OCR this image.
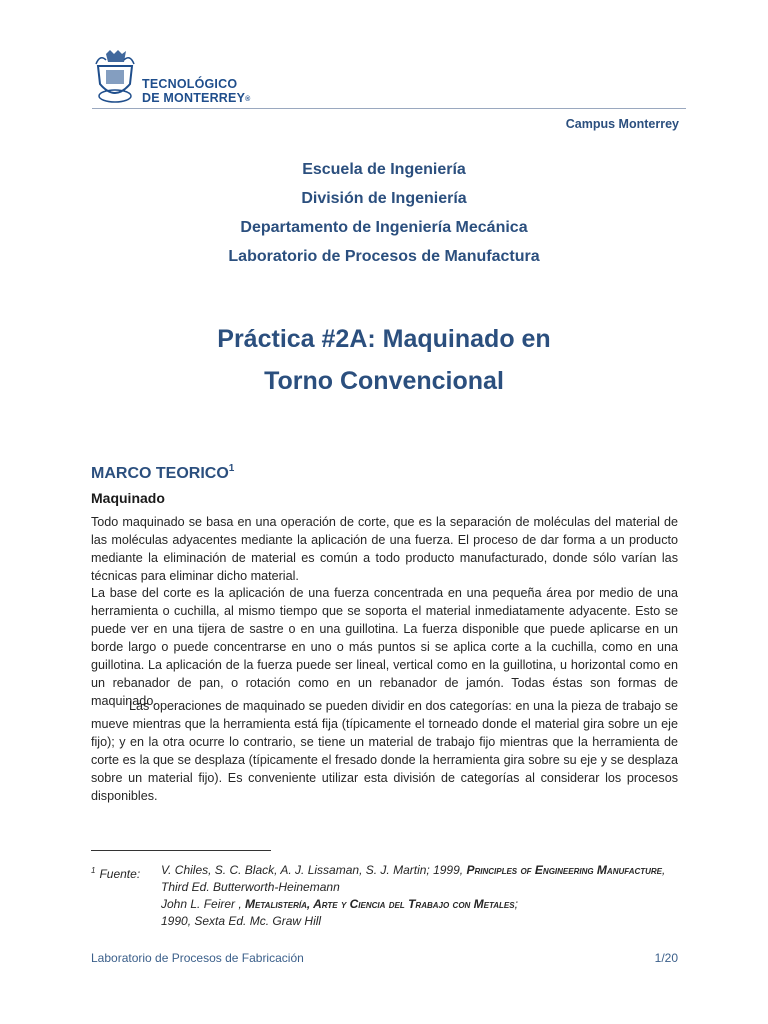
TECNOLÓGICO
DE MONTERREY®
Campus Monterrey
Escuela de Ingeniería
División de Ingeniería
Departamento de Ingeniería Mecánica
Laboratorio de Procesos de Manufactura
Práctica #2A: Maquinado en
Torno Convencional
MARCO TEORICO$^1$
Maquinado

Todo maquinado se basa en una operación de corte, que es la separación de moléculas del material de las moléculas adyacentes mediante la aplicación de una fuerza. El proceso de dar forma a un producto mediante la eliminación de material es común a todo producto manufacturado, donde sólo varían las técnicas para eliminar dicho material.

La base del corte es la aplicación de una fuerza concentrada en una pequeña área por medio de una herramienta o cuchilla, al mismo tiempo que se soporta el material inmediatamente adyacente. Esto se puede ver en una tijera de sastre o en una guillotina. La fuerza disponible que puede aplicarse en un borde largo o puede concentrarse en uno o más puntos si se aplica corte a la cuchilla, como en una guillotina. La aplicación de la fuerza puede ser lineal, vertical como en la guillotina, u horizontal como en un rebanador de pan, o rotación como en un rebanador de jamón. Todas éstas son formas de maquinado.

Las operaciones de maquinado se pueden dividir en dos categorías: en una la pieza de trabajo se mueve mientras que la herramienta está fija (típicamente el torneado donde el material gira sobre un eje fijo); y en la otra ocurre lo contrario, se tiene un material de trabajo fijo mientras que la herramienta de corte es la que se desplaza (típicamente el fresado donde la herramienta gira sobre su eje y se desplaza sobre un material fijo). Es conveniente utilizar esta división de categorías al considerar los procesos disponibles.

$^1$ Fuente:	V. Chiles, S. C. Black, A. J. Lissaman, S. J. Martin; 1999, Principles of Engineering Manufacture, Third Ed. Butterworth-Heinemann
John L. Feirer , Metalistería, Arte y Ciencia del Trabajo con Metales;
1990, Sexta Ed. Mc. Graw Hill
Laboratorio de Procesos de Fabricación	1/20
